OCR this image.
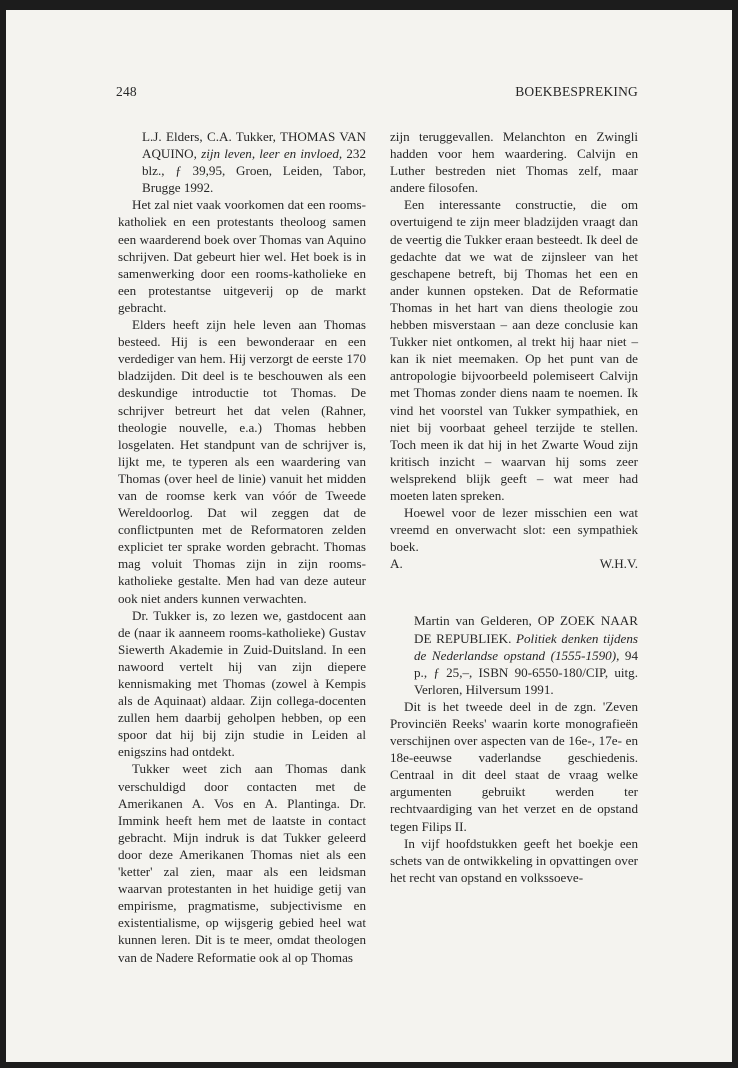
248	BOEKBESPREKING

L.J. Elders, C.A. Tukker, THOMAS VAN AQUINO, zijn leven, leer en invloed, 232 blz., ƒ 39,95, Groen, Leiden, Tabor, Brugge 1992.

Het zal niet vaak voorkomen dat een rooms-katholiek en een protestants theoloog samen een waarderend boek over Thomas van Aquino schrijven. Dat gebeurt hier wel. Het boek is in samenwerking door een rooms-katholieke en een protestantse uitgeverij op de markt gebracht.

Elders heeft zijn hele leven aan Thomas besteed. Hij is een bewonderaar en een verdediger van hem. Hij verzorgt de eerste 170 bladzijden. Dit deel is te beschouwen als een deskundige introductie tot Thomas. De schrijver betreurt het dat velen (Rahner, theologie nouvelle, e.a.) Thomas hebben losgelaten. Het standpunt van de schrijver is, lijkt me, te typeren als een waardering van Thomas (over heel de linie) vanuit het midden van de roomse kerk van vóór de Tweede Wereldoorlog. Dat wil zeggen dat de conflictpunten met de Reformatoren zelden expliciet ter sprake worden gebracht. Thomas mag voluit Thomas zijn in zijn rooms-katholieke gestalte. Men had van deze auteur ook niet anders kunnen verwachten.

Dr. Tukker is, zo lezen we, gastdocent aan de (naar ik aanneem rooms-katholieke) Gustav Siewerth Akademie in Zuid-Duitsland. In een nawoord vertelt hij van zijn diepere kennismaking met Thomas (zowel à Kempis als de Aquinaat) aldaar. Zijn collega-docenten zullen hem daarbij geholpen hebben, op een spoor dat hij bij zijn studie in Leiden al enigszins had ontdekt.

Tukker weet zich aan Thomas dank verschuldigd door contacten met de Amerikanen A. Vos en A. Plantinga. Dr. Immink heeft hem met de laatste in contact gebracht. Mijn indruk is dat Tukker geleerd door deze Amerikanen Thomas niet als een 'ketter' zal zien, maar als een leidsman waarvan protestanten in het huidige getij van empirisme, pragmatisme, subjectivisme en existentialisme, op wijsgerig gebied heel wat kunnen leren. Dit is te meer, omdat theologen van de Nadere Reformatie ook al op Thomas

zijn teruggevallen. Melanchton en Zwingli hadden voor hem waardering. Calvijn en Luther bestreden niet Thomas zelf, maar andere filosofen.

Een interessante constructie, die om overtuigend te zijn meer bladzijden vraagt dan de veertig die Tukker eraan besteedt. Ik deel de gedachte dat we wat de zijnsleer van het geschapene betreft, bij Thomas het een en ander kunnen opsteken. Dat de Reformatie Thomas in het hart van diens theologie zou hebben misverstaan – aan deze conclusie kan Tukker niet ontkomen, al trekt hij haar niet – kan ik niet meemaken. Op het punt van de antropologie bijvoorbeeld polemiseert Calvijn met Thomas zonder diens naam te noemen. Ik vind het voorstel van Tukker sympathiek, en niet bij voorbaat geheel terzijde te stellen. Toch meen ik dat hij in het Zwarte Woud zijn kritisch inzicht – waarvan hij soms zeer welsprekend blijk geeft – wat meer had moeten laten spreken.

Hoewel voor de lezer misschien een wat vreemd en onverwacht slot: een sympathiek boek.

A.	W.H.V.

Martin van Gelderen, OP ZOEK NAAR DE REPUBLIEK. Politiek denken tijdens de Nederlandse opstand (1555-1590), 94 p., ƒ 25,–, ISBN 90-6550-180/CIP, uitg. Verloren, Hilversum 1991.

Dit is het tweede deel in de zgn. 'Zeven Provinciën Reeks' waarin korte monografieën verschijnen over aspecten van de 16e-, 17e- en 18e-eeuwse vaderlandse geschiedenis. Centraal in dit deel staat de vraag welke argumenten gebruikt werden ter rechtvaardiging van het verzet en de opstand tegen Filips II.

In vijf hoofdstukken geeft het boekje een schets van de ontwikkeling in opvattingen over het recht van opstand en volkssoeve-
